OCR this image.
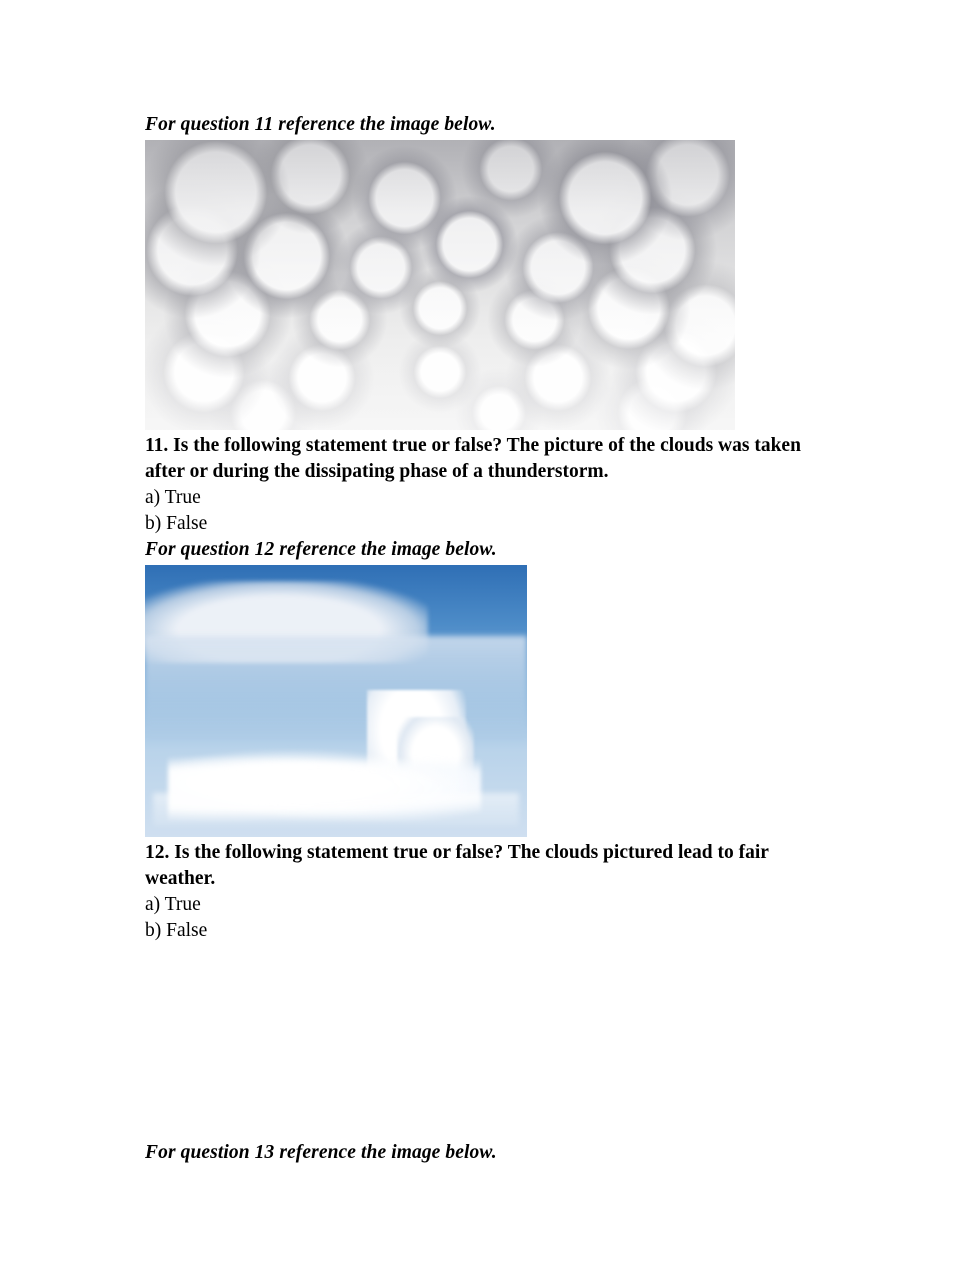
For question 11 reference the image below.

11. Is the following statement true or false? The picture of the clouds was taken after or during the dissipating phase of a thunderstorm.

a) True

b) False

For question 12 reference the image below.

12. Is the following statement true or false? The clouds pictured lead to fair weather.

a) True

b) False

For question 13 reference the image below.
